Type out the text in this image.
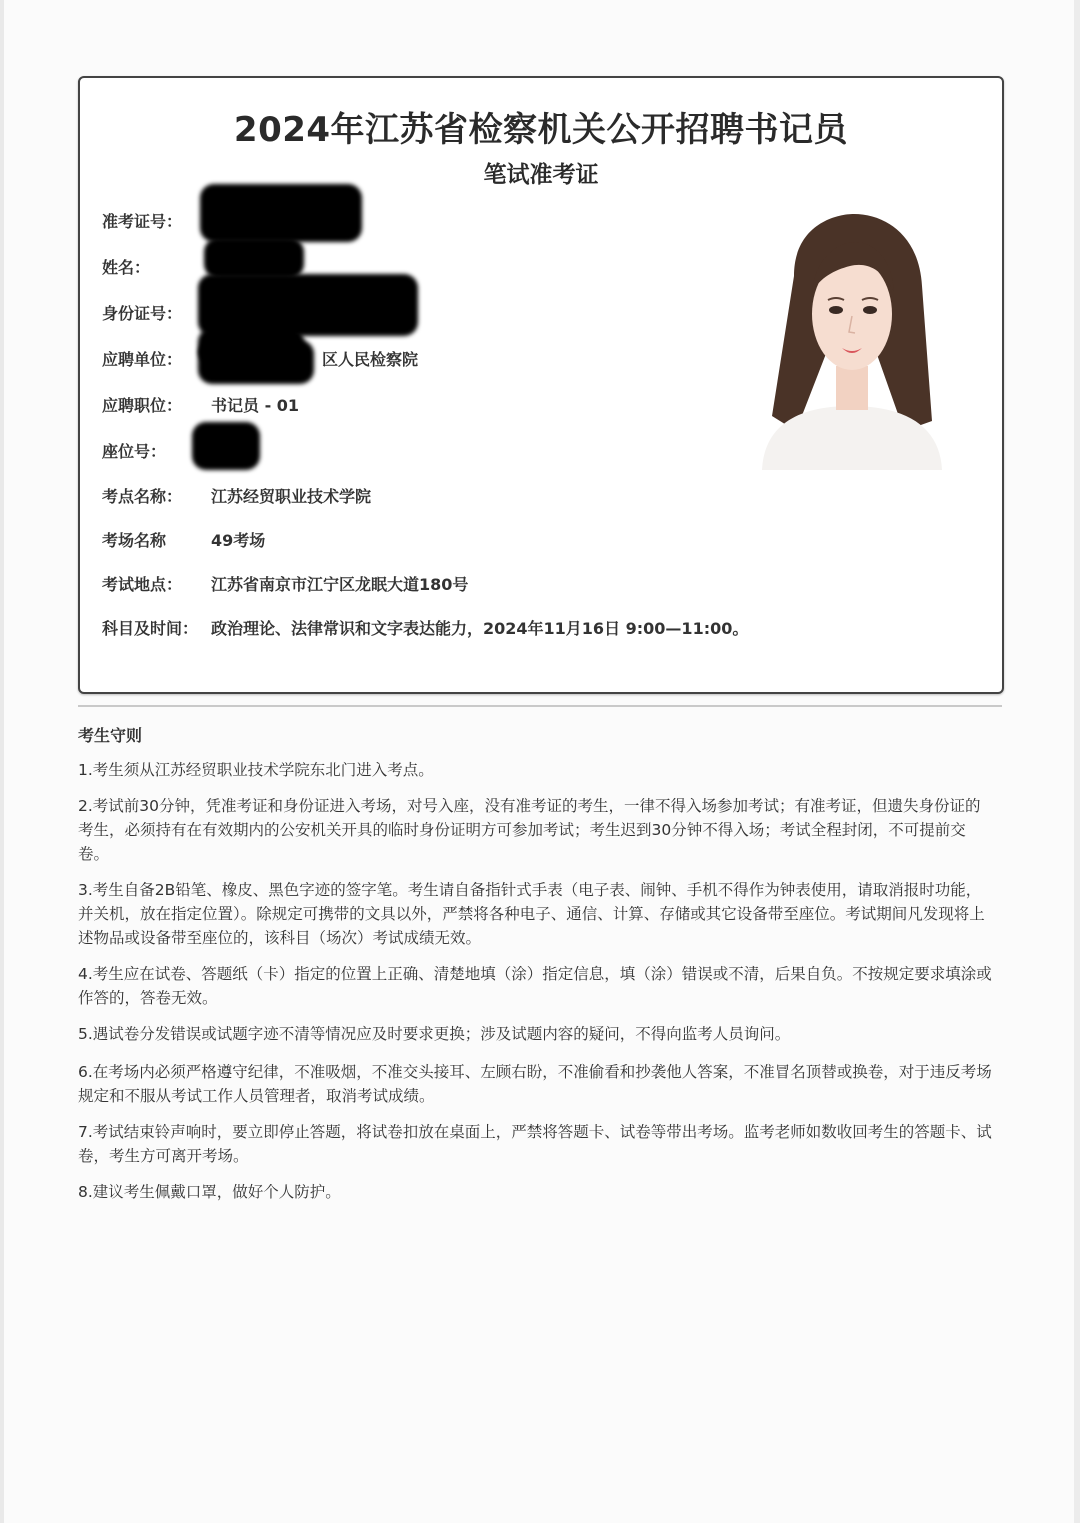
2024年江苏省检察机关公开招聘书记员
笔试准考证
准考证号：
姓名：
身份证号：
应聘单位：	区人民检察院
应聘职位： 书记员 - 01
座位号：
考点名称： 江苏经贸职业技术学院
考场名称	49考场
考试地点： 江苏省南京市江宁区龙眠大道180号
科目及时间： 政治理论、法律常识和文字表达能力，2024年11月16日 9:00—11:00。
考生守则
1.考生须从江苏经贸职业技术学院东北门进入考点。
2.考试前30分钟，凭准考证和身份证进入考场，对号入座，没有准考证的考生，一律不得入场参加考试；有准考证，但遗失身份证的考生，必须持有在有效期内的公安机关开具的临时身份证明方可参加考试；考生迟到30分钟不得入场；考试全程封闭，不可提前交卷。
3.考生自备2B铅笔、橡皮、黑色字迹的签字笔。考生请自备指针式手表（电子表、闹钟、手机不得作为钟表使用，请取消报时功能，并关机，放在指定位置）。除规定可携带的文具以外，严禁将各种电子、通信、计算、存储或其它设备带至座位。考试期间凡发现将上述物品或设备带至座位的，该科目（场次）考试成绩无效。
4.考生应在试卷、答题纸（卡）指定的位置上正确、清楚地填（涂）指定信息，填（涂）错误或不清，后果自负。不按规定要求填涂或作答的，答卷无效。
5.遇试卷分发错误或试题字迹不清等情况应及时要求更换；涉及试题内容的疑问，不得向监考人员询问。
6.在考场内必须严格遵守纪律，不准吸烟，不准交头接耳、左顾右盼，不准偷看和抄袭他人答案，不准冒名顶替或换卷，对于违反考场规定和不服从考试工作人员管理者，取消考试成绩。
7.考试结束铃声响时，要立即停止答题，将试卷扣放在桌面上，严禁将答题卡、试卷等带出考场。监考老师如数收回考生的答题卡、试卷，考生方可离开考场。
8.建议考生佩戴口罩，做好个人防护。
